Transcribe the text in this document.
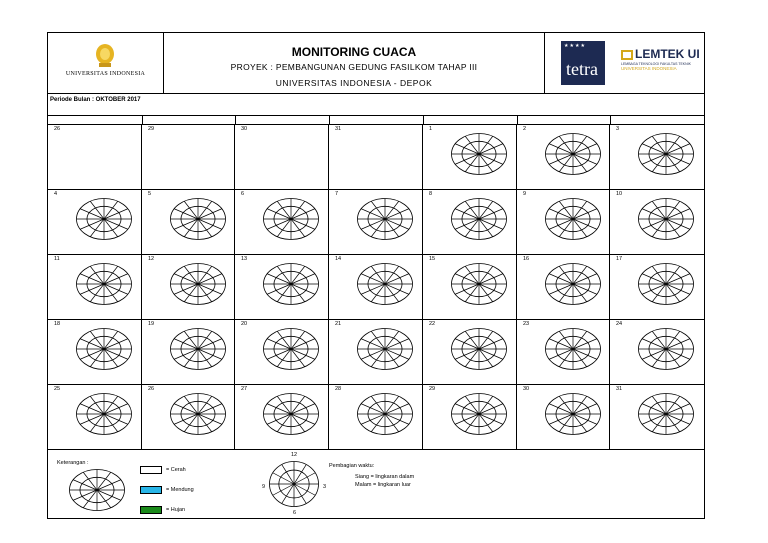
UNIVERSITAS INDONESIA
MONITORING CUACA
PROYEK : PEMBANGUNAN GEDUNG FASILKOM TAHAP III
UNIVERSITAS INDONESIA - DEPOK
★★★★
tetra
LEMTEK UI
LEMBAGA TEKNOLOGI FAKULTAS TEKNIK
UNIVERSITAS INDONESIA
Periode Bulan : OKTOBER 2017
26	29	30	31	1	2	3
4	5	6	7	8	9	10
11	12	13	14	15	16	17
18	19	20	21	22	23	24
25	26	27	28	29	30	31
Keterangan :
= Cerah
= Mendung
= Hujan
12
3
6
9
Pembagian waktu:
Siang = lingkaran dalam
Malam = lingkaran luar
